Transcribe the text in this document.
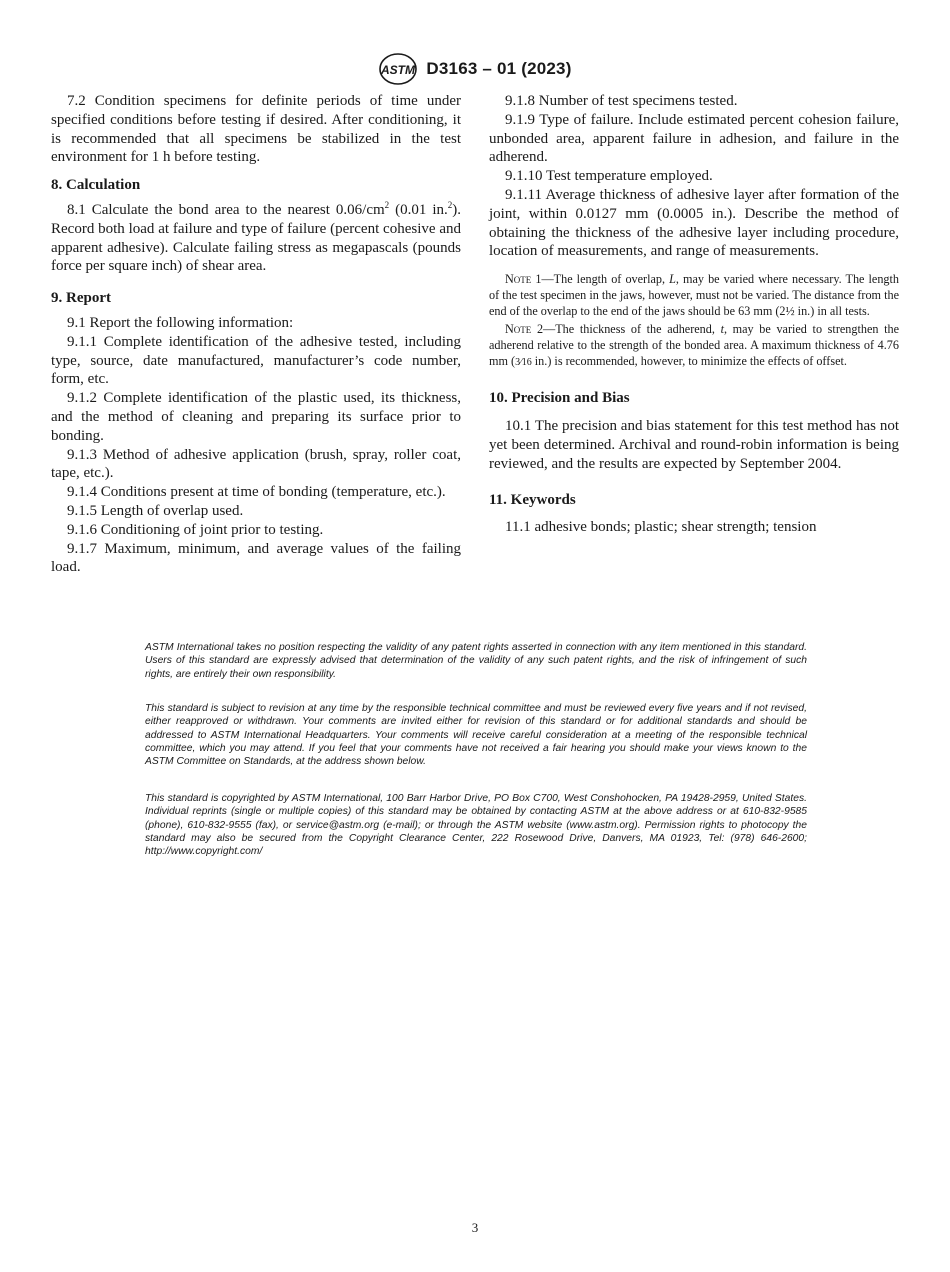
ASTM D3163 – 01 (2023)

7.2 Condition specimens for definite periods of time under specified conditions before testing if desired. After conditioning, it is recommended that all specimens be stabilized in the test environment for 1 h before testing.

8. Calculation

8.1 Calculate the bond area to the nearest $0.06/cm^2$ (0.01 in.$^2$). Record both load at failure and type of failure (percent cohesive and apparent adhesive). Calculate failing stress as megapascals (pounds force per square inch) of shear area.

9. Report

9.1 Report the following information:

9.1.1 Complete identification of the adhesive tested, including type, source, date manufactured, manufacturer’s code number, form, etc.

9.1.2 Complete identification of the plastic used, its thickness, and the method of cleaning and preparing its surface prior to bonding.

9.1.3 Method of adhesive application (brush, spray, roller coat, tape, etc.).

9.1.4 Conditions present at time of bonding (temperature, etc.).

9.1.5 Length of overlap used.

9.1.6 Conditioning of joint prior to testing.

9.1.7 Maximum, minimum, and average values of the failing load.

9.1.8 Number of test specimens tested.

9.1.9 Type of failure. Include estimated percent cohesion failure, unbonded area, apparent failure in adhesion, and failure in the adherend.

9.1.10 Test temperature employed.

9.1.11 Average thickness of adhesive layer after formation of the joint, within 0.0127 mm (0.0005 in.). Describe the method of obtaining the thickness of the adhesive layer including procedure, location of measurements, and range of measurements.

Note 1—The length of overlap, L, may be varied where necessary. The length of the test specimen in the jaws, however, must not be varied. The distance from the end of the overlap to the end of the jaws should be 63 mm (2½ in.) in all tests.

Note 2—The thickness of the adherend, t, may be varied to strengthen the adherend relative to the strength of the bonded area. A maximum thickness of 4.76 mm (3⁄16 in.) is recommended, however, to minimize the effects of offset.

10. Precision and Bias

10.1 The precision and bias statement for this test method has not yet been determined. Archival and round-robin information is being reviewed, and the results are expected by September 2004.

11. Keywords

11.1 adhesive bonds; plastic; shear strength; tension

ASTM International takes no position respecting the validity of any patent rights asserted in connection with any item mentioned in this standard. Users of this standard are expressly advised that determination of the validity of any such patent rights, and the risk of infringement of such rights, are entirely their own responsibility.

This standard is subject to revision at any time by the responsible technical committee and must be reviewed every five years and if not revised, either reapproved or withdrawn. Your comments are invited either for revision of this standard or for additional standards and should be addressed to ASTM International Headquarters. Your comments will receive careful consideration at a meeting of the responsible technical committee, which you may attend. If you feel that your comments have not received a fair hearing you should make your views known to the ASTM Committee on Standards, at the address shown below.

This standard is copyrighted by ASTM International, 100 Barr Harbor Drive, PO Box C700, West Conshohocken, PA 19428-2959, United States. Individual reprints (single or multiple copies) of this standard may be obtained by contacting ASTM at the above address or at 610-832-9585 (phone), 610-832-9555 (fax), or service@astm.org (e-mail); or through the ASTM website (www.astm.org). Permission rights to photocopy the standard may also be secured from the Copyright Clearance Center, 222 Rosewood Drive, Danvers, MA 01923, Tel: (978) 646-2600; http://www.copyright.com/

3
